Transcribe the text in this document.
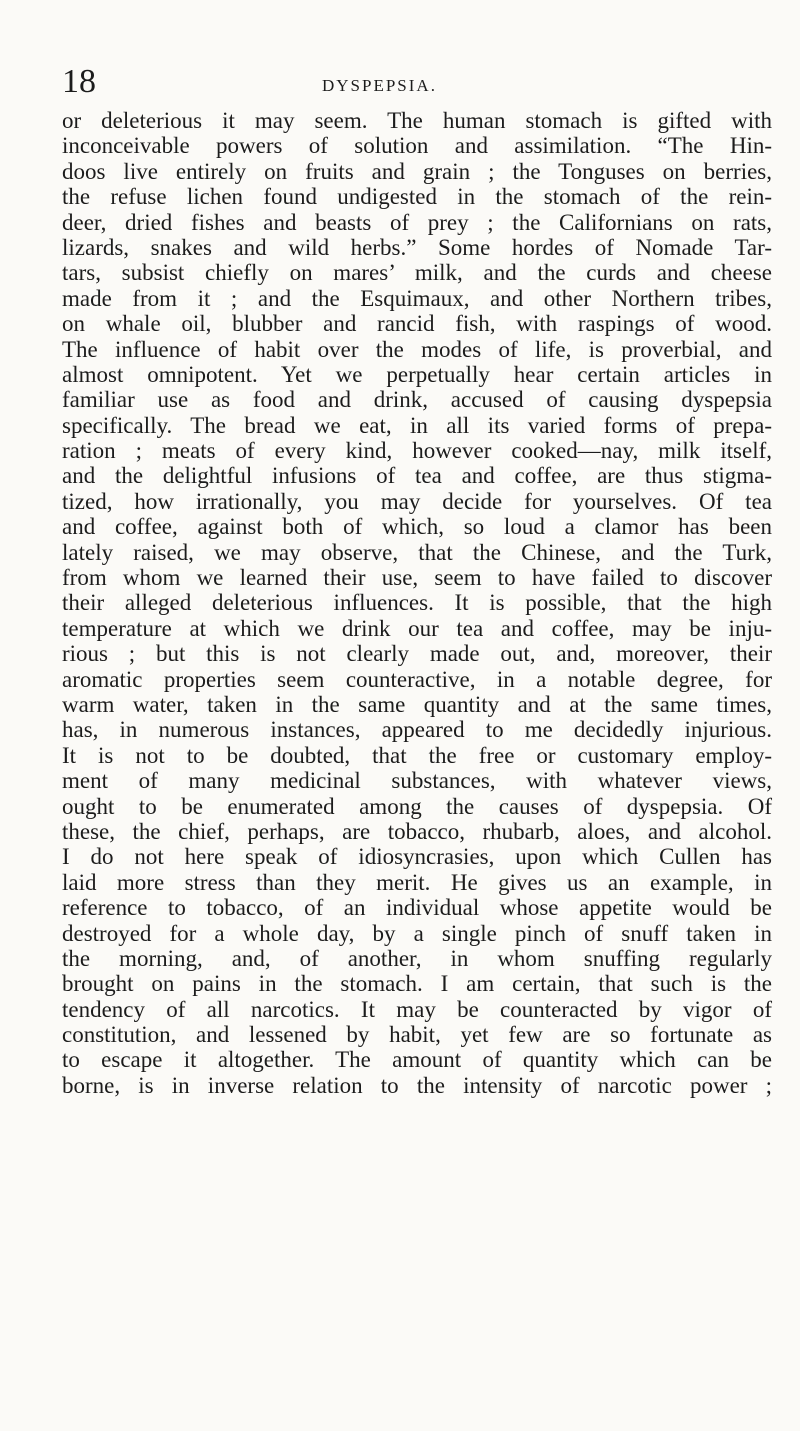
18	DYSPEPSIA.
or deleterious it may seem. The human stomach is gifted with
inconceivable powers of solution and assimilation. “The Hin-
doos live entirely on fruits and grain ; the Tonguses on berries,
the refuse lichen found undigested in the stomach of the rein-
deer, dried fishes and beasts of prey ; the Californians on rats,
lizards, snakes and wild herbs.” Some hordes of Nomade Tar-
tars, subsist chiefly on mares’ milk, and the curds and cheese
made from it ; and the Esquimaux, and other Northern tribes,
on whale oil, blubber and rancid fish, with raspings of wood.
The influence of habit over the modes of life, is proverbial, and
almost omnipotent. Yet we perpetually hear certain articles in
familiar use as food and drink, accused of causing dyspepsia
specifically. The bread we eat, in all its varied forms of prepa-
ration ; meats of every kind, however cooked—nay, milk itself,
and the delightful infusions of tea and coffee, are thus stigma-
tized, how irrationally, you may decide for yourselves. Of tea
and coffee, against both of which, so loud a clamor has been
lately raised, we may observe, that the Chinese, and the Turk,
from whom we learned their use, seem to have failed to discover
their alleged deleterious influences. It is possible, that the high
temperature at which we drink our tea and coffee, may be inju-
rious ; but this is not clearly made out, and, moreover, their
aromatic properties seem counteractive, in a notable degree, for
warm water, taken in the same quantity and at the same times,
has, in numerous instances, appeared to me decidedly injurious.
It is not to be doubted, that the free or customary employ-
ment of many medicinal substances, with whatever views,
ought to be enumerated among the causes of dyspepsia. Of
these, the chief, perhaps, are tobacco, rhubarb, aloes, and alcohol.
I do not here speak of idiosyncrasies, upon which Cullen has
laid more stress than they merit. He gives us an example, in
reference to tobacco, of an individual whose appetite would be
destroyed for a whole day, by a single pinch of snuff taken in
the morning, and, of another, in whom snuffing regularly
brought on pains in the stomach. I am certain, that such is the
tendency of all narcotics. It may be counteracted by vigor of
constitution, and lessened by habit, yet few are so fortunate as
to escape it altogether. The amount of quantity which can be
borne, is in inverse relation to the intensity of narcotic power ;
